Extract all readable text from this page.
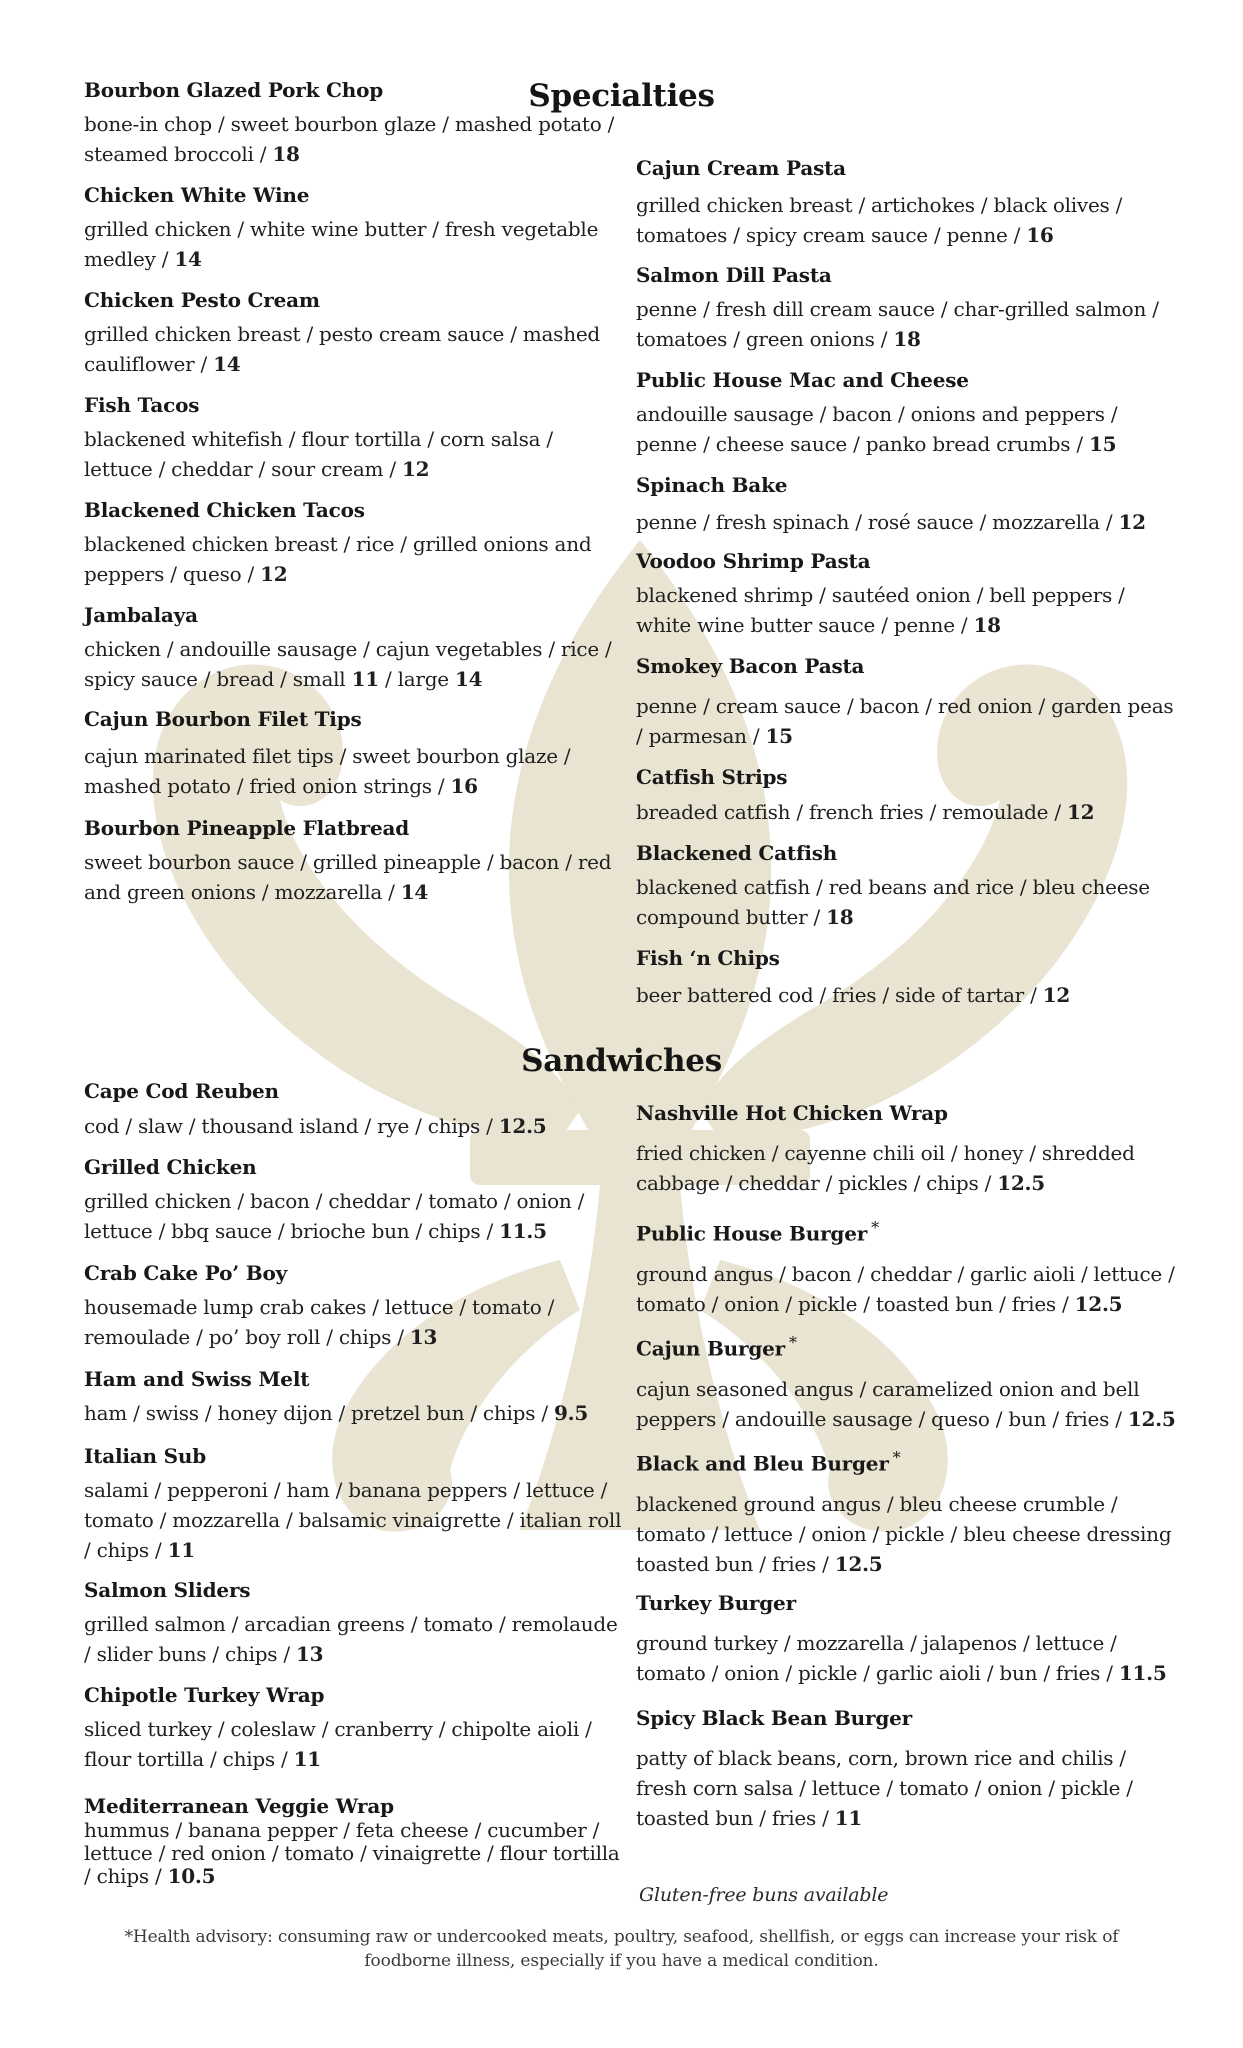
Specialties
Bourbon Glazed Pork Chop
bone-in chop / sweet bourbon glaze / mashed potato / steamed broccoli / 18
Chicken White Wine
grilled chicken / white wine butter / fresh vegetable medley / 14
Chicken Pesto Cream
grilled chicken breast / pesto cream sauce / mashed cauliflower / 14
Fish Tacos
blackened whitefish / flour tortilla / corn salsa / lettuce / cheddar / sour cream / 12
Blackened Chicken Tacos
blackened chicken breast / rice / grilled onions and peppers / queso / 12
Jambalaya
chicken / andouille sausage / cajun vegetables / rice / spicy sauce / bread / small 11 / large 14
Cajun Bourbon Filet Tips
cajun marinated filet tips / sweet bourbon glaze / mashed potato / fried onion strings / 16
Bourbon Pineapple Flatbread
sweet bourbon sauce / grilled pineapple / bacon / red and green onions / mozzarella / 14
Cajun Cream Pasta
grilled chicken breast / artichokes / black olives / tomatoes / spicy cream sauce / penne / 16
Salmon Dill Pasta
penne / fresh dill cream sauce / char-grilled salmon / tomatoes / green onions / 18
Public House Mac and Cheese
andouille sausage / bacon / onions and peppers / penne / cheese sauce / panko bread crumbs / 15
Spinach Bake
penne / fresh spinach / rosé sauce / mozzarella / 12
Voodoo Shrimp Pasta
blackened shrimp / sautéed onion / bell peppers / white wine butter sauce / penne / 18
Smokey Bacon Pasta
penne / cream sauce / bacon / red onion / garden peas / parmesan / 15
Catfish Strips
breaded catfish / french fries / remoulade / 12
Blackened Catfish
blackened catfish / red beans and rice / bleu cheese compound butter / 18
Fish ‘n Chips
beer battered cod / fries / side of tartar / 12
Sandwiches
Cape Cod Reuben
cod / slaw / thousand island / rye / chips / 12.5
Grilled Chicken
grilled chicken / bacon / cheddar / tomato / onion / lettuce / bbq sauce / brioche bun / chips / 11.5
Crab Cake Po’ Boy
housemade lump crab cakes / lettuce / tomato / remoulade / po’ boy roll / chips / 13
Ham and Swiss Melt
ham / swiss / honey dijon / pretzel bun / chips / 9.5
Italian Sub
salami / pepperoni / ham / banana peppers / lettuce / tomato / mozzarella / balsamic vinaigrette / italian roll / chips / 11
Salmon Sliders
grilled salmon / arcadian greens / tomato / remolaude / slider buns / chips / 13
Chipotle Turkey Wrap
sliced turkey / coleslaw / cranberry / chipolte aioli / flour tortilla / chips / 11
Mediterranean Veggie Wrap
hummus / banana pepper / feta cheese / cucumber / lettuce / red onion / tomato / vinaigrette / flour tortilla / chips / 10.5
Nashville Hot Chicken Wrap
fried chicken / cayenne chili oil / honey / shredded cabbage / cheddar / pickles / chips / 12.5
Public House Burger *
ground angus / bacon / cheddar / garlic aioli / lettuce / tomato / onion / pickle / toasted bun / fries / 12.5
Cajun Burger *
cajun seasoned angus / caramelized onion and bell peppers / andouille sausage / queso / bun / fries / 12.5
Black and Bleu Burger *
blackened ground angus / bleu cheese crumble / tomato / lettuce / onion / pickle / bleu cheese dressing toasted bun / fries / 12.5
Turkey Burger
ground turkey / mozzarella / jalapenos / lettuce / tomato / onion / pickle / garlic aioli / bun / fries / 11.5
Spicy Black Bean Burger
patty of black beans, corn, brown rice and chilis / fresh corn salsa / lettuce / tomato / onion / pickle / toasted bun / fries / 11
Gluten-free buns available
*Health advisory: consuming raw or undercooked meats, poultry, seafood, shellfish, or eggs can increase your risk of foodborne illness, especially if you have a medical condition.
